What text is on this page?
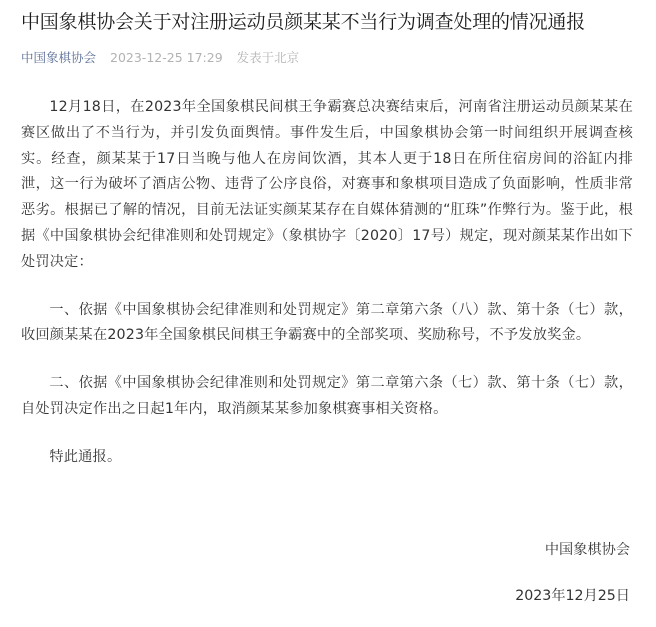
中国象棋协会关于对注册运动员颜某某不当行为调查处理的情况通报
中国象棋协会 2023-12-25 17:29 发表于北京

12月18日，在2023年全国象棋民间棋王争霸赛总决赛结束后，河南省注册运动员颜某某在赛区做出了不当行为，并引发负面舆情。事件发生后，中国象棋协会第一时间组织开展调查核实。经查，颜某某于17日当晚与他人在房间饮酒，其本人更于18日在所住宿房间的浴缸内排泄，这一行为破坏了酒店公物、违背了公序良俗，对赛事和象棋项目造成了负面影响，性质非常恶劣。根据已了解的情况，目前无法证实颜某某存在自媒体猜测的“肛珠”作弊行为。鉴于此，根据《中国象棋协会纪律准则和处罚规定》（象棋协字〔2020〕17号）规定，现对颜某某作出如下处罚决定：

一、依据《中国象棋协会纪律准则和处罚规定》第二章第六条（八）款、第十条（七）款，收回颜某某在2023年全国象棋民间棋王争霸赛中的全部奖项、奖励称号，不予发放奖金。

二、依据《中国象棋协会纪律准则和处罚规定》第二章第六条（七）款、第十条（七）款，自处罚决定作出之日起1年内，取消颜某某参加象棋赛事相关资格。

特此通报。

中国象棋协会
2023年12月25日
